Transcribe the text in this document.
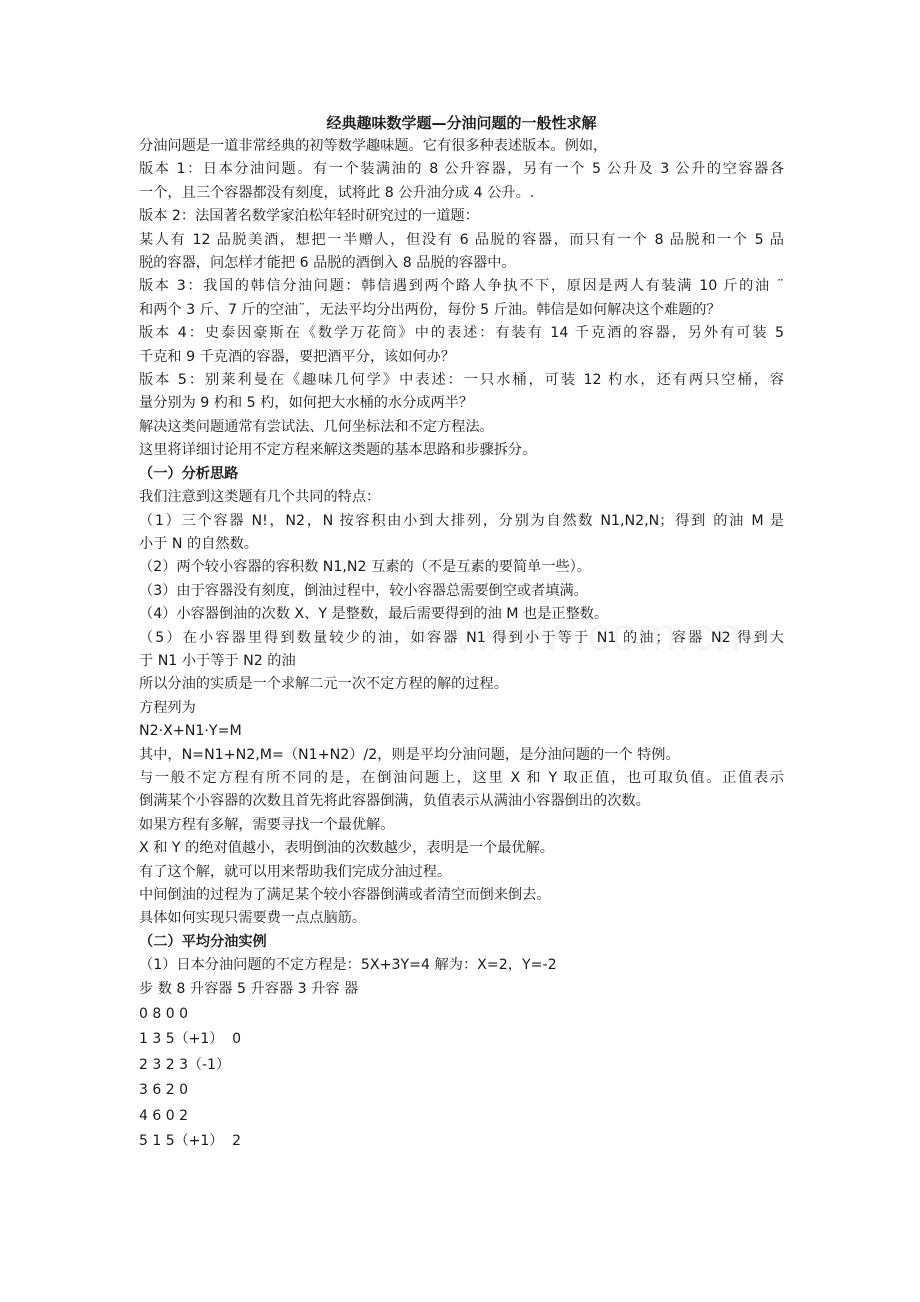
经典趣味数学题—分油问题的一般性求解
分油问题是一道非常经典的初等数学趣味题。它有很多种表述版本。例如，
版本 1：日本分油问题。有一个装满油的 8 公升容器，另有一个 5 公升及 3 公升的空容器各
一个，且三个容器都没有刻度，试将此 8 公升油分成 4 公升。.
版本 2：法国著名数学家泊松年轻时研究过的一道题：
某人有 12 品脱美酒，想把一半赠人，但没有 6 品脱的容器，而只有一个 8 品脱和一个 5 品
脱的容器，问怎样才能把 6 品脱的酒倒入 8 品脱的容器中。
版本 3：我国的韩信分油问题：韩信遇到两个路人争执不下，原因是两人有装满 10 斤的油 ¨
和两个 3 斤、7 斤的空油¨，无法平均分出两份，每份 5 斤油。韩信是如何解决这个难题的？
版本 4：史泰因豪斯在《数学万花筒》中的表述：有装有 14 千克酒的容器，另外有可装 5
千克和 9 千克酒的容器，要把酒平分，该如何办？
版本 5：别莱利曼在《趣味几何学》中表述：一只水桶，可装 12 杓水，还有两只空桶，容
量分别为 9 杓和 5 杓，如何把大水桶的水分成两半？
解决这类问题通常有尝试法、几何坐标法和不定方程法。
这里将详细讨论用不定方程来解这类题的基本思路和步骤拆分。
（一）分析思路
我们注意到这类题有几个共同的特点：
（1）三个容器 N!，N2，N 按容积由小到大排列，分别为自然数 N1,N2,N；得到 的油 M 是
小于 N 的自然数。
（2）两个较小容器的容积数 N1,N2 互素的（不是互素的要简单一些）。
（3）由于容器没有刻度，倒油过程中，较小容器总需要倒空或者填满。
（4）小容器倒油的次数 X、Y 是整数，最后需要得到的油 M 也是正整数。
（5）在小容器里得到数量较少的油，如容器 N1 得到小于等于 N1 的油；容器 N2 得到大
于 N1 小于等于 N2 的油
所以分油的实质是一个求解二元一次不定方程的解的过程。
方程列为
N2·X+N1·Y=M
其中，N=N1+N2,M=（N1+N2）/2，则是平均分油问题，是分油问题的一个 特例。
与一般不定方程有所不同的是，在倒油问题上，这里 X 和 Y 取正值，也可取负值。正值表示
倒满某个小容器的次数且首先将此容器倒满，负值表示从满油小容器倒出的次数。
如果方程有多解，需要寻找一个最优解。
X 和 Y 的绝对值越小，表明倒油的次数越少，表明是一个最优解。
有了这个解，就可以用来帮助我们完成分油过程。
中间倒油的过程为了满足某个较小容器倒满或者清空而倒来倒去。
具体如何实现只需要费一点点脑筋。
（二）平均分油实例
（1）日本分油问题的不定方程是：5X+3Y=4 解为：X=2，Y=-2
步 数 8 升容器 5 升容器 3 升容 器
0 8 0 0
1 3 5（+1）  0
2 3 2 3（-1）
3 6 2 0
4 6 0 2
5 1 5（+1）  2
